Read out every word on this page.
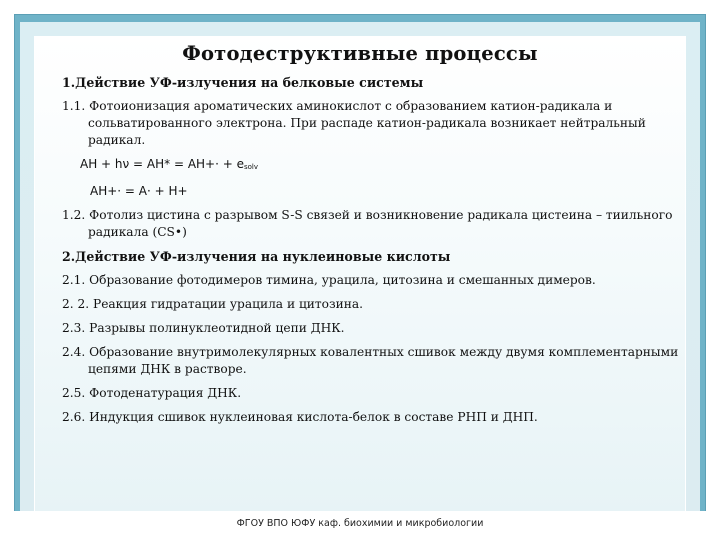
Фотодеструктивные процессы
1.Действие УФ-излучения на белковые системы
1.1. Фотоионизация ароматических аминокислот с образованием катион-радикала и сольватированного электрона. При распаде катион-радикала возникает нейтральный радикал.
АН + $h\nu = АН* = АН+\cdot + e_{solv}$
АН+· = А· + Н+
1.2. Фотолиз цистина с разрывом S-S связей и возникновение радикала цистеина – тиильного радикала (CS•)
2.Действие УФ-излучения на нуклеиновые кислоты
2.1. Образование фотодимеров тимина, урацила, цитозина и смешанных димеров.
2. 2. Реакция гидратации урацила и цитозина.
2.3. Разрывы полинуклеотидной цепи ДНК.
2.4. Образование внутримолекулярных ковалентных сшивок между двумя комплементарными цепями ДНК в растворе.
2.5. Фотоденатурация ДНК.
2.6. Индукция сшивок нуклеиновая кислота-белок в составе РНП и ДНП.
ФГОУ ВПО ЮФУ каф. биохимии и микробиологии
